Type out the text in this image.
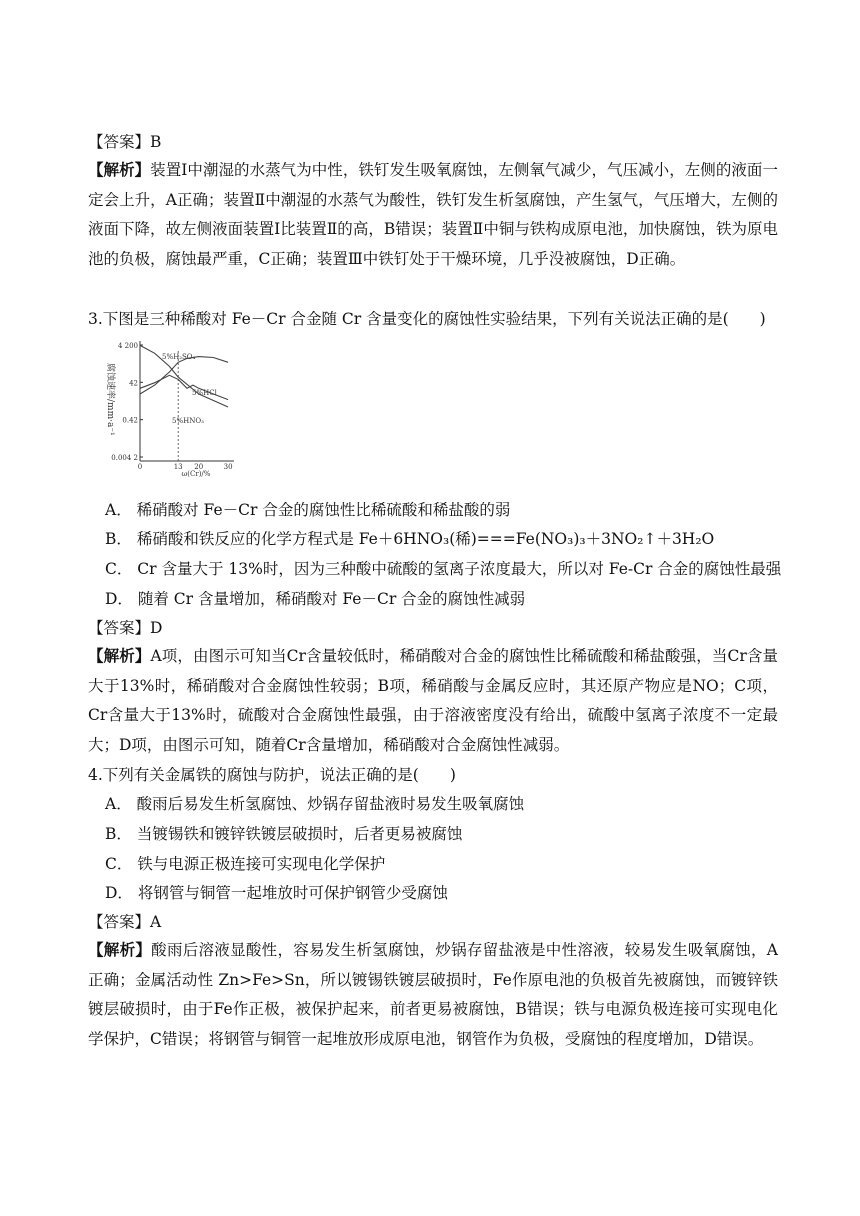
【答案】B
【解析】装置Ⅰ中潮湿的水蒸气为中性，铁钉发生吸氧腐蚀，左侧氧气减少，气压减小，左侧的液面一定会上升，A正确；装置Ⅱ中潮湿的水蒸气为酸性，铁钉发生析氢腐蚀，产生氢气，气压增大，左侧的液面下降，故左侧液面装置Ⅰ比装置Ⅱ的高，B错误；装置Ⅱ中铜与铁构成原电池，加快腐蚀，铁为原电池的负极，腐蚀最严重，C正确；装置Ⅲ中铁钉处于干燥环境，几乎没被腐蚀，D正确。
3.下图是三种稀酸对 Fe－Cr 合金随 Cr 含量变化的腐蚀性实验结果，下列有关说法正确的是(　　)
腐蚀速率/mm·a⁻¹
4 200
42
0.42
0.004 2
0	13 20	30
ω(Cr)/%
5%H₂SO₄
5%HCl
5%HNO₃
A． 稀硝酸对 Fe－Cr 合金的腐蚀性比稀硫酸和稀盐酸的弱
B． 稀硝酸和铁反应的化学方程式是 Fe＋6HNO₃(稀)===Fe(NO₃)₃＋3NO₂↑＋3H₂O
C． Cr 含量大于 13%时，因为三种酸中硫酸的氢离子浓度最大，所以对 Fe-Cr 合金的腐蚀性最强
D． 随着 Cr 含量增加，稀硝酸对 Fe－Cr 合金的腐蚀性减弱
【答案】D
【解析】A项，由图示可知当Cr含量较低时，稀硝酸对合金的腐蚀性比稀硫酸和稀盐酸强，当Cr含量大于13%时，稀硝酸对合金腐蚀性较弱；B项，稀硝酸与金属反应时，其还原产物应是NO；C项，Cr含量大于13%时，硫酸对合金腐蚀性最强，由于溶液密度没有给出，硫酸中氢离子浓度不一定最大；D项，由图示可知，随着Cr含量增加，稀硝酸对合金腐蚀性减弱。
4.下列有关金属铁的腐蚀与防护，说法正确的是(　　)
A． 酸雨后易发生析氢腐蚀、炒锅存留盐液时易发生吸氧腐蚀
B． 当镀锡铁和镀锌铁镀层破损时，后者更易被腐蚀
C． 铁与电源正极连接可实现电化学保护
D． 将钢管与铜管一起堆放时可保护钢管少受腐蚀
【答案】A
【解析】酸雨后溶液显酸性，容易发生析氢腐蚀，炒锅存留盐液是中性溶液，较易发生吸氧腐蚀，A正确；金属活动性 Zn>Fe>Sn，所以镀锡铁镀层破损时，Fe作原电池的负极首先被腐蚀，而镀锌铁镀层破损时，由于Fe作正极，被保护起来，前者更易被腐蚀，B错误；铁与电源负极连接可实现电化学保护，C错误；将钢管与铜管一起堆放形成原电池，钢管作为负极，受腐蚀的程度增加，D错误。
